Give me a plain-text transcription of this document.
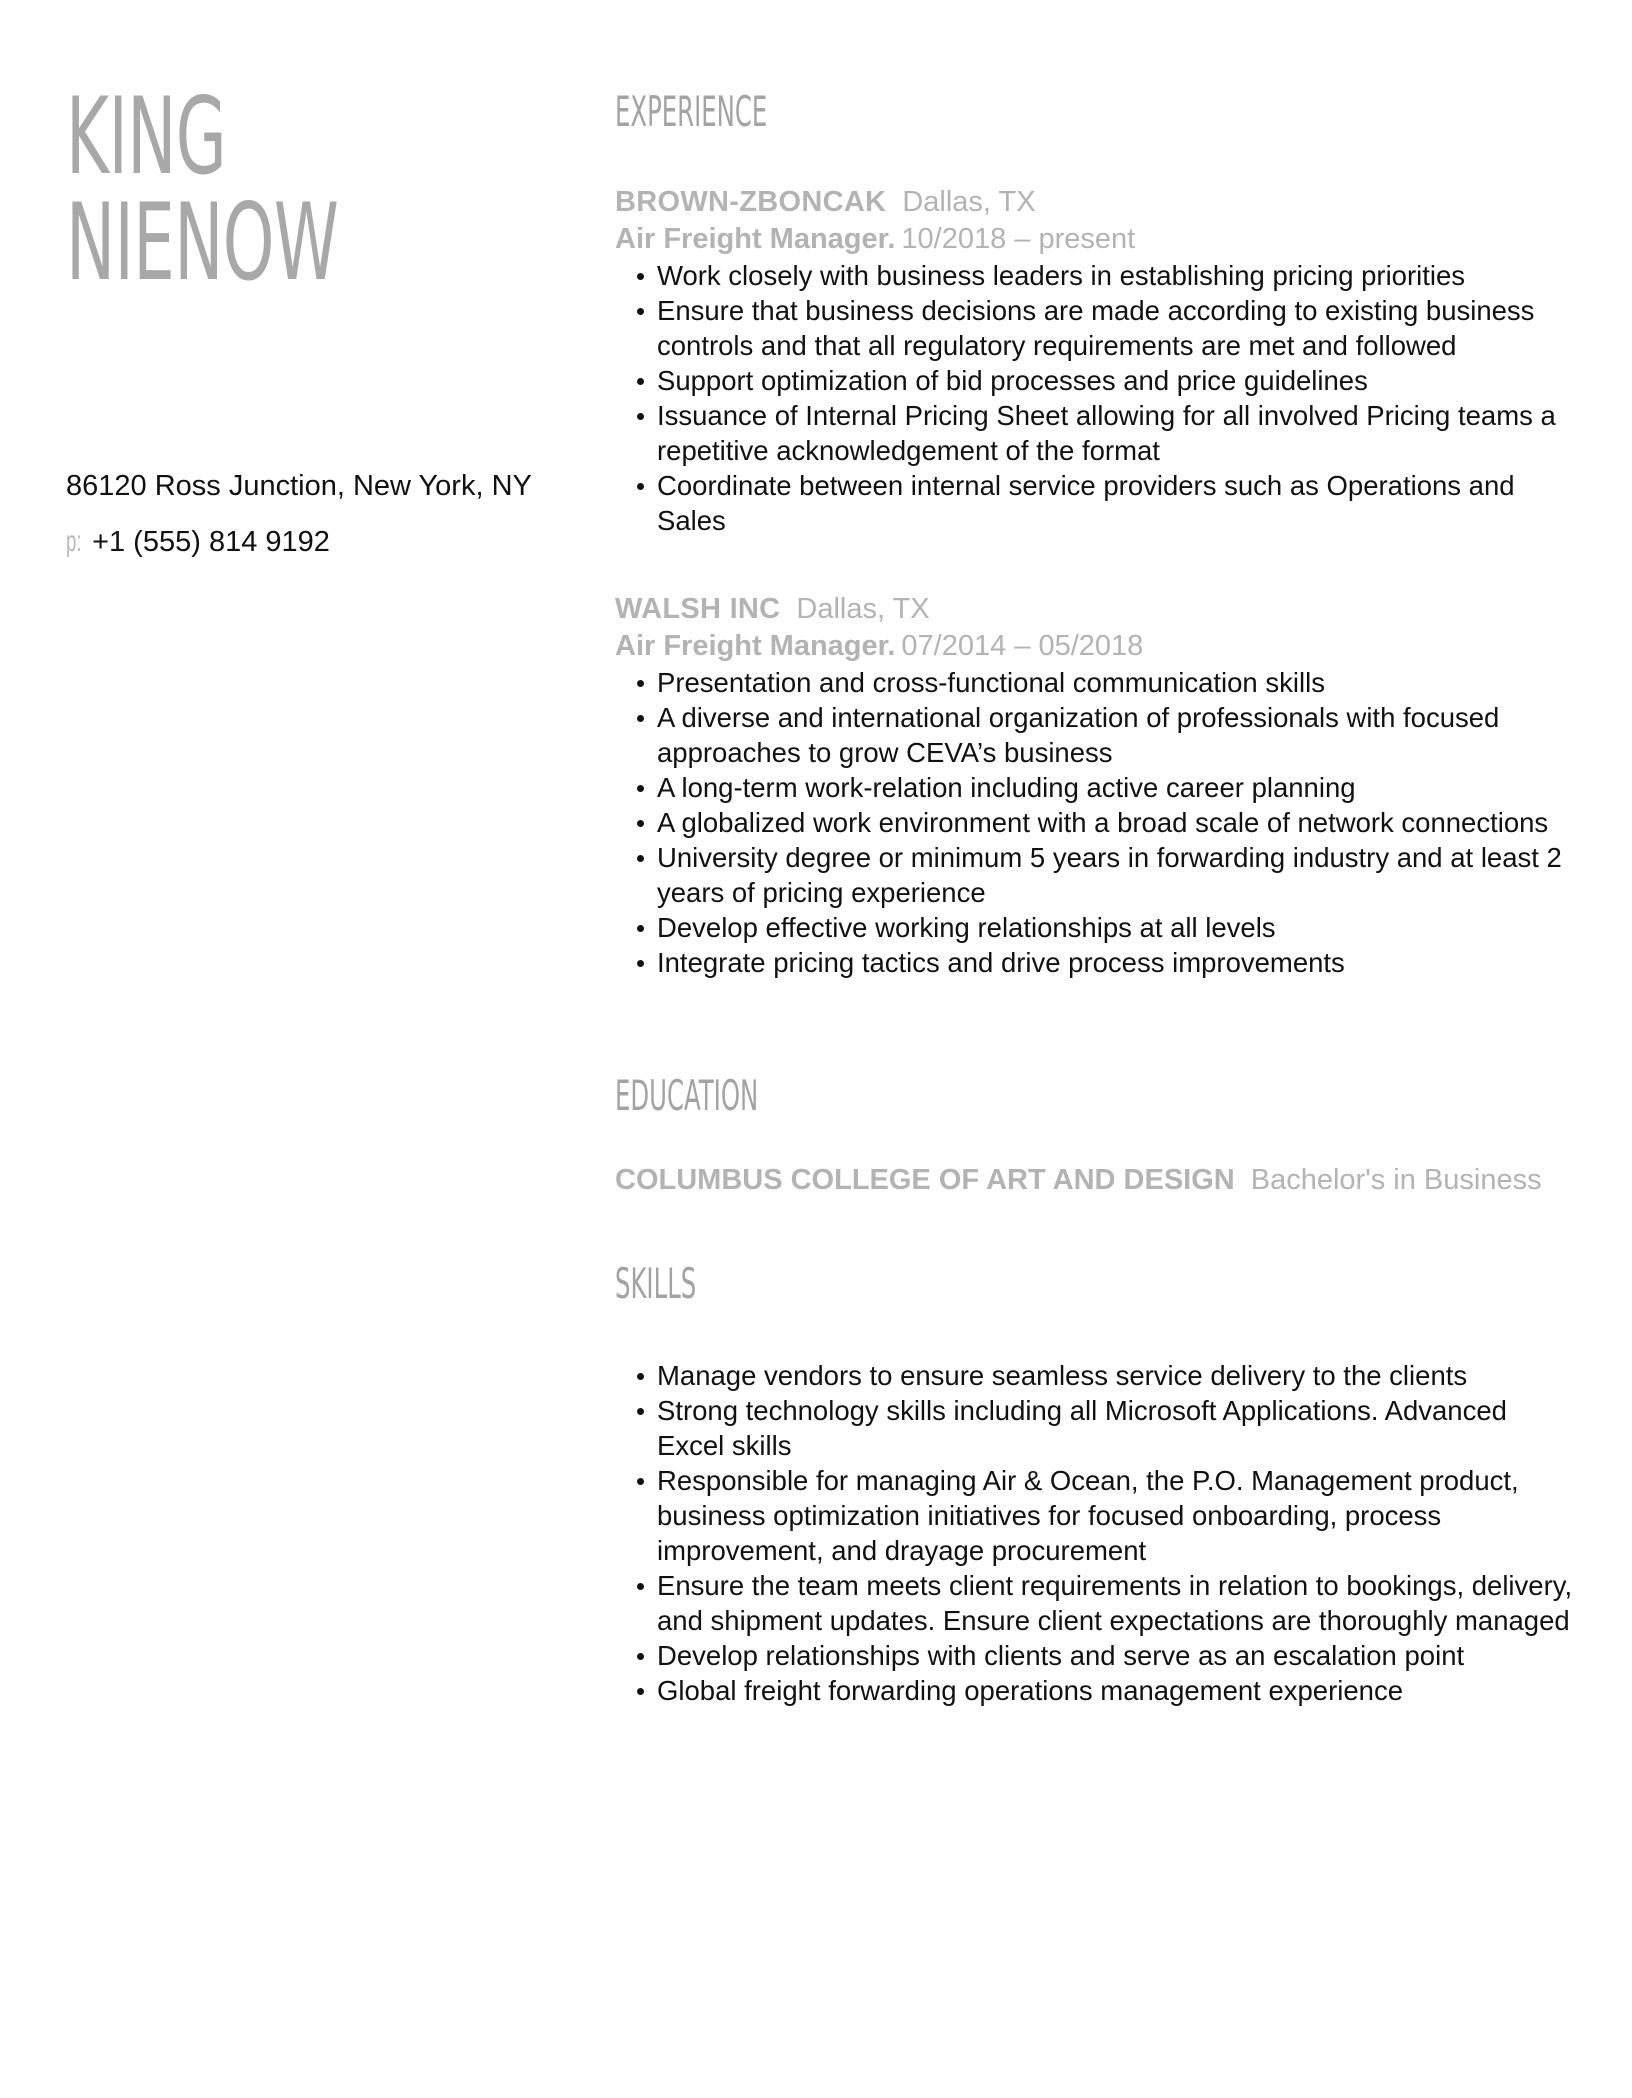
KING
NIENOW
86120 Ross Junction, New York, NY
p: +1 (555) 814 9192
EXPERIENCE
BROWN-ZBONCAK Dallas, TX
Air Freight Manager. 10/2018 – present
Work closely with business leaders in establishing pricing priorities
Ensure that business decisions are made according to existing business controls and that all regulatory requirements are met and followed
Support optimization of bid processes and price guidelines
Issuance of Internal Pricing Sheet allowing for all involved Pricing teams a repetitive acknowledgement of the format
Coordinate between internal service providers such as Operations and Sales
WALSH INC Dallas, TX
Air Freight Manager. 07/2014 – 05/2018
Presentation and cross-functional communication skills
A diverse and international organization of professionals with focused approaches to grow CEVA’s business
A long-term work-relation including active career planning
A globalized work environment with a broad scale of network connections
University degree or minimum 5 years in forwarding industry and at least 2 years of pricing experience
Develop effective working relationships at all levels
Integrate pricing tactics and drive process improvements
EDUCATION
COLUMBUS COLLEGE OF ART AND DESIGN Bachelor's in Business
SKILLS
Manage vendors to ensure seamless service delivery to the clients
Strong technology skills including all Microsoft Applications. Advanced Excel skills
Responsible for managing Air & Ocean, the P.O. Management product, business optimization initiatives for focused onboarding, process improvement, and drayage procurement
Ensure the team meets client requirements in relation to bookings, delivery, and shipment updates. Ensure client expectations are thoroughly managed
Develop relationships with clients and serve as an escalation point
Global freight forwarding operations management experience
